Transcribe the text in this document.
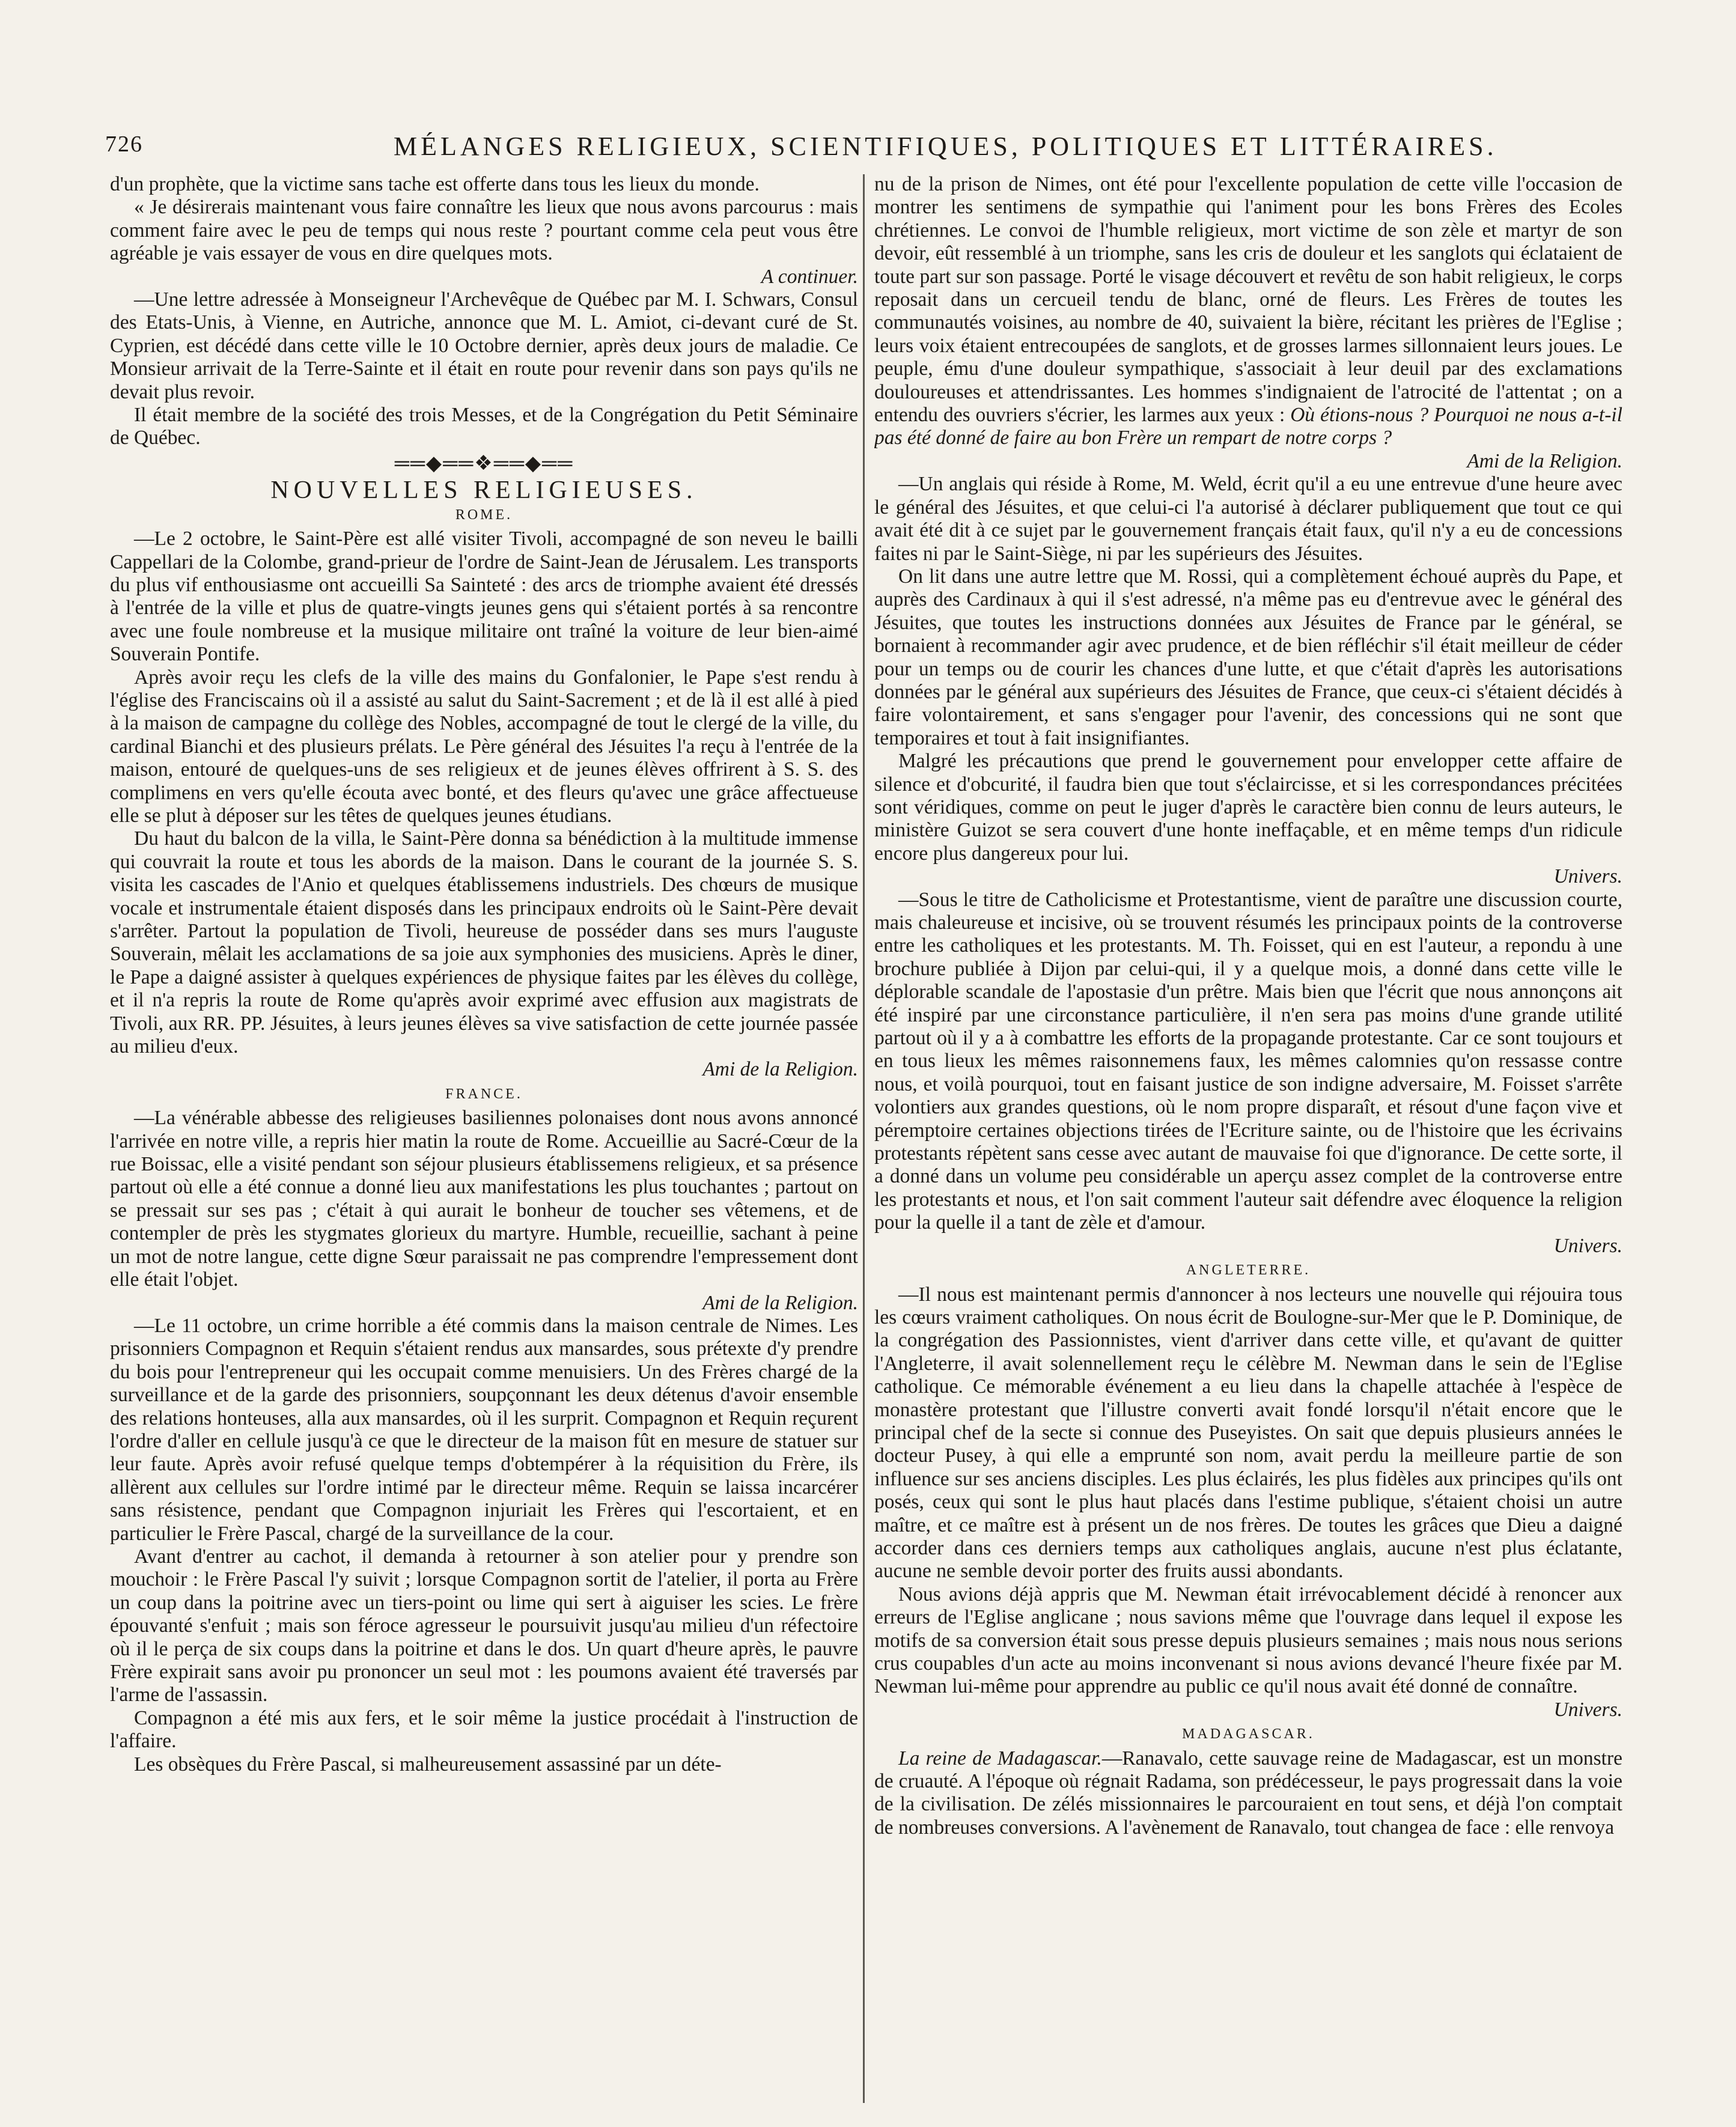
726	MÉLANGES RELIGIEUX, SCIENTIFIQUES, POLITIQUES ET LITTÉRAIRES.

d'un prophète, que la victime sans tache est offerte dans tous les lieux du monde.

« Je désirerais maintenant vous faire connaître les lieux que nous avons parcourus : mais comment faire avec le peu de temps qui nous reste ? pourtant comme cela peut vous être agréable je vais essayer de vous en dire quelques mots.

A continuer.

—Une lettre adressée à Monseigneur l'Archevêque de Québec par M. I. Schwars, Consul des Etats-Unis, à Vienne, en Autriche, annonce que M. L. Amiot, ci-devant curé de St. Cyprien, est décédé dans cette ville le 10 Octobre dernier, après deux jours de maladie. Ce Monsieur arrivait de la Terre-Sainte et il était en route pour revenir dans son pays qu'ils ne devait plus revoir.

Il était membre de la société des trois Messes, et de la Congrégation du Petit Séminaire de Québec.

══◆══❖══◆══
NOUVELLES RELIGIEUSES.
ROME.

—Le 2 octobre, le Saint-Père est allé visiter Tivoli, accompagné de son neveu le bailli Cappellari de la Colombe, grand-prieur de l'ordre de Saint-Jean de Jérusalem. Les transports du plus vif enthousiasme ont accueilli Sa Sainteté : des arcs de triomphe avaient été dressés à l'entrée de la ville et plus de quatre-vingts jeunes gens qui s'étaient portés à sa rencontre avec une foule nombreuse et la musique militaire ont traîné la voiture de leur bien-aimé Souverain Pontife.

Après avoir reçu les clefs de la ville des mains du Gonfalonier, le Pape s'est rendu à l'église des Franciscains où il a assisté au salut du Saint-Sacrement ; et de là il est allé à pied à la maison de campagne du collège des Nobles, accompagné de tout le clergé de la ville, du cardinal Bianchi et des plusieurs prélats. Le Père général des Jésuites l'a reçu à l'entrée de la maison, entouré de quelques-uns de ses religieux et de jeunes élèves offrirent à S. S. des complimens en vers qu'elle écouta avec bonté, et des fleurs qu'avec une grâce affectueuse elle se plut à déposer sur les têtes de quelques jeunes étudians.

Du haut du balcon de la villa, le Saint-Père donna sa bénédiction à la multitude immense qui couvrait la route et tous les abords de la maison. Dans le courant de la journée S. S. visita les cascades de l'Anio et quelques établissemens industriels. Des chœurs de musique vocale et instrumentale étaient disposés dans les principaux endroits où le Saint-Père devait s'arrêter. Partout la population de Tivoli, heureuse de posséder dans ses murs l'auguste Souverain, mêlait les acclamations de sa joie aux symphonies des musiciens. Après le diner, le Pape a daigné assister à quelques expériences de physique faites par les élèves du collège, et il n'a repris la route de Rome qu'après avoir exprimé avec effusion aux magistrats de Tivoli, aux RR. PP. Jésuites, à leurs jeunes élèves sa vive satisfaction de cette journée passée au milieu d'eux.

Ami de la Religion.

FRANCE.

—La vénérable abbesse des religieuses basiliennes polonaises dont nous avons annoncé l'arrivée en notre ville, a repris hier matin la route de Rome. Accueillie au Sacré-Cœur de la rue Boissac, elle a visité pendant son séjour plusieurs établissemens religieux, et sa présence partout où elle a été connue a donné lieu aux manifestations les plus touchantes ; partout on se pressait sur ses pas ; c'était à qui aurait le bonheur de toucher ses vêtemens, et de contempler de près les stygmates glorieux du martyre. Humble, recueillie, sachant à peine un mot de notre langue, cette digne Sœur paraissait ne pas comprendre l'empressement dont elle était l'objet.

Ami de la Religion.

—Le 11 octobre, un crime horrible a été commis dans la maison centrale de Nimes. Les prisonniers Compagnon et Requin s'étaient rendus aux mansardes, sous prétexte d'y prendre du bois pour l'entrepreneur qui les occupait comme menuisiers. Un des Frères chargé de la surveillance et de la garde des prisonniers, soupçonnant les deux détenus d'avoir ensemble des relations honteuses, alla aux mansardes, où il les surprit. Compagnon et Requin reçurent l'ordre d'aller en cellule jusqu'à ce que le directeur de la maison fût en mesure de statuer sur leur faute. Après avoir refusé quelque temps d'obtempérer à la réquisition du Frère, ils allèrent aux cellules sur l'ordre intimé par le directeur même. Requin se laissa incarcérer sans résistence, pendant que Compagnon injuriait les Frères qui l'escortaient, et en particulier le Frère Pascal, chargé de la surveillance de la cour.

Avant d'entrer au cachot, il demanda à retourner à son atelier pour y prendre son mouchoir : le Frère Pascal l'y suivit ; lorsque Compagnon sortit de l'atelier, il porta au Frère un coup dans la poitrine avec un tiers-point ou lime qui sert à aiguiser les scies. Le frère épouvanté s'enfuit ; mais son féroce agresseur le poursuivit jusqu'au milieu d'un réfectoire où il le perça de six coups dans la poitrine et dans le dos. Un quart d'heure après, le pauvre Frère expirait sans avoir pu prononcer un seul mot : les poumons avaient été traversés par l'arme de l'assassin.

Compagnon a été mis aux fers, et le soir même la justice procédait à l'instruction de l'affaire.

Les obsèques du Frère Pascal, si malheureusement assassiné par un déte-

nu de la prison de Nimes, ont été pour l'excellente population de cette ville l'occasion de montrer les sentimens de sympathie qui l'animent pour les bons Frères des Ecoles chrétiennes. Le convoi de l'humble religieux, mort victime de son zèle et martyr de son devoir, eût ressemblé à un triomphe, sans les cris de douleur et les sanglots qui éclataient de toute part sur son passage. Porté le visage découvert et revêtu de son habit religieux, le corps reposait dans un cercueil tendu de blanc, orné de fleurs. Les Frères de toutes les communautés voisines, au nombre de 40, suivaient la bière, récitant les prières de l'Eglise ; leurs voix étaient entrecoupées de sanglots, et de grosses larmes sillonnaient leurs joues. Le peuple, ému d'une douleur sympathique, s'associait à leur deuil par des exclamations douloureuses et attendrissantes. Les hommes s'indignaient de l'atrocité de l'attentat ; on a entendu des ouvriers s'écrier, les larmes aux yeux : Où étions-nous ? Pourquoi ne nous a-t-il pas été donné de faire au bon Frère un rempart de notre corps ?

Ami de la Religion.

—Un anglais qui réside à Rome, M. Weld, écrit qu'il a eu une entrevue d'une heure avec le général des Jésuites, et que celui-ci l'a autorisé à déclarer publiquement que tout ce qui avait été dit à ce sujet par le gouvernement français était faux, qu'il n'y a eu de concessions faites ni par le Saint-Siège, ni par les supérieurs des Jésuites.

On lit dans une autre lettre que M. Rossi, qui a complètement échoué auprès du Pape, et auprès des Cardinaux à qui il s'est adressé, n'a même pas eu d'entrevue avec le général des Jésuites, que toutes les instructions données aux Jésuites de France par le général, se bornaient à recommander agir avec prudence, et de bien réfléchir s'il était meilleur de céder pour un temps ou de courir les chances d'une lutte, et que c'était d'après les autorisations données par le général aux supérieurs des Jésuites de France, que ceux-ci s'étaient décidés à faire volontairement, et sans s'engager pour l'avenir, des concessions qui ne sont que temporaires et tout à fait insignifiantes.

Malgré les précautions que prend le gouvernement pour envelopper cette affaire de silence et d'obcurité, il faudra bien que tout s'éclaircisse, et si les correspondances précitées sont véridiques, comme on peut le juger d'après le caractère bien connu de leurs auteurs, le ministère Guizot se sera couvert d'une honte ineffaçable, et en même temps d'un ridicule encore plus dangereux pour lui.

Univers.

—Sous le titre de Catholicisme et Protestantisme, vient de paraître une discussion courte, mais chaleureuse et incisive, où se trouvent résumés les principaux points de la controverse entre les catholiques et les protestants. M. Th. Foisset, qui en est l'auteur, a repondu à une brochure publiée à Dijon par celui-qui, il y a quelque mois, a donné dans cette ville le déplorable scandale de l'apostasie d'un prêtre. Mais bien que l'écrit que nous annonçons ait été inspiré par une circonstance particulière, il n'en sera pas moins d'une grande utilité partout où il y a à combattre les efforts de la propagande protestante. Car ce sont toujours et en tous lieux les mêmes raisonnemens faux, les mêmes calomnies qu'on ressasse contre nous, et voilà pourquoi, tout en faisant justice de son indigne adversaire, M. Foisset s'arrête volontiers aux grandes questions, où le nom propre disparaît, et résout d'une façon vive et péremptoire certaines objections tirées de l'Ecriture sainte, ou de l'histoire que les écrivains protestants répètent sans cesse avec autant de mauvaise foi que d'ignorance. De cette sorte, il a donné dans un volume peu considérable un aperçu assez complet de la controverse entre les protestants et nous, et l'on sait comment l'auteur sait défendre avec éloquence la religion pour la quelle il a tant de zèle et d'amour.

Univers.

ANGLETERRE.

—Il nous est maintenant permis d'annoncer à nos lecteurs une nouvelle qui réjouira tous les cœurs vraiment catholiques. On nous écrit de Boulogne-sur-Mer que le P. Dominique, de la congrégation des Passionnistes, vient d'arriver dans cette ville, et qu'avant de quitter l'Angleterre, il avait solennellement reçu le célèbre M. Newman dans le sein de l'Eglise catholique. Ce mémorable événement a eu lieu dans la chapelle attachée à l'espèce de monastère protestant que l'illustre converti avait fondé lorsqu'il n'était encore que le principal chef de la secte si connue des Puseyistes. On sait que depuis plusieurs années le docteur Pusey, à qui elle a emprunté son nom, avait perdu la meilleure partie de son influence sur ses anciens disciples. Les plus éclairés, les plus fidèles aux principes qu'ils ont posés, ceux qui sont le plus haut placés dans l'estime publique, s'étaient choisi un autre maître, et ce maître est à présent un de nos frères. De toutes les grâces que Dieu a daigné accorder dans ces derniers temps aux catholiques anglais, aucune n'est plus éclatante, aucune ne semble devoir porter des fruits aussi abondants.

Nous avions déjà appris que M. Newman était irrévocablement décidé à renoncer aux erreurs de l'Eglise anglicane ; nous savions même que l'ouvrage dans lequel il expose les motifs de sa conversion était sous presse depuis plusieurs semaines ; mais nous nous serions crus coupables d'un acte au moins inconvenant si nous avions devancé l'heure fixée par M. Newman lui-même pour apprendre au public ce qu'il nous avait été donné de connaître.

Univers.

MADAGASCAR.

La reine de Madagascar.—Ranavalo, cette sauvage reine de Madagascar, est un monstre de cruauté. A l'époque où régnait Radama, son prédécesseur, le pays progressait dans la voie de la civilisation. De zélés missionnaires le parcouraient en tout sens, et déjà l'on comptait de nombreuses conversions. A l'avènement de Ranavalo, tout changea de face : elle renvoya
